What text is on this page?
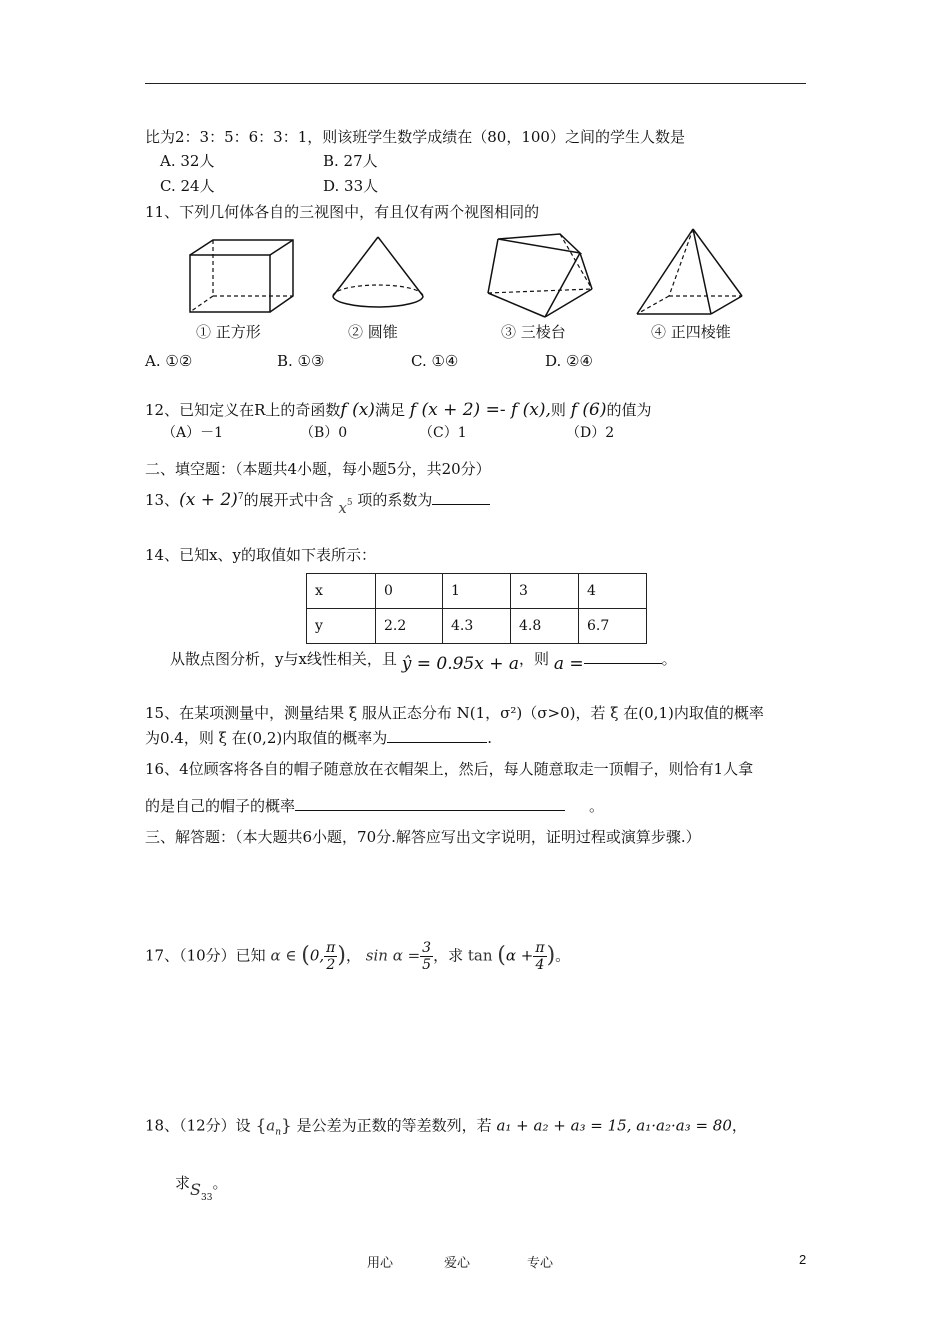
比为2：3：5：6：3：1，则该班学生数学成绩在（80，100）之间的学生人数是
A. 32人	B. 27人
C. 24人	D. 33人
11、下列几何体各自的三视图中，有且仅有两个视图相同的
① 正方形	② 圆锥	③ 三棱台	④ 正四棱锥
A. ①②	B. ①③	C. ①④	D. ②④
12、已知定义在R上的奇函数f (x)满足 f (x + 2) =- f (x),则 f (6)的值为
（A）－1	（B）0	（C）1	（D）2
二、填空题：（本题共4小题，每小题5分，共20分）
13、$(x + 2)^7$的展开式中含 $x^5$ 项的系数为
14、已知x、y的取值如下表所示：
x	0	1	3	4
y	2.2	4.3	4.8	6.7
从散点图分析，y与x线性相关，且 ŷ = 0.95x + a，则 a =	。
15、在某项测量中，测量结果 ξ 服从正态分布 N(1，σ²)（σ>0)，若 ξ 在(0,1)内取值的概率
为0.4，则 ξ 在(0,2)内取值的概率为	.
16、4位顾客将各自的帽子随意放在衣帽架上，然后，每人随意取走一顶帽子，则恰有1人拿
的是自己的帽子的概率	。
三、解答题：（本大题共6小题，70分.解答应写出文字说明，证明过程或演算步骤.）
17、（10分）已知 α ∈ (0, $\frac{\pi}{2}$ )， $\sin \alpha = \frac{3}{5}$ ，求 $\tan (\alpha + \frac{\pi}{4}$ )。
18、（12分）设 $\{a_n\}$ 是公差为正数的等差数列，若 a₁ + a₂ + a₃ = 15, a₁·a₂·a₃ = 80，
求$S_{33}$。
用心	爱心	专心	2
